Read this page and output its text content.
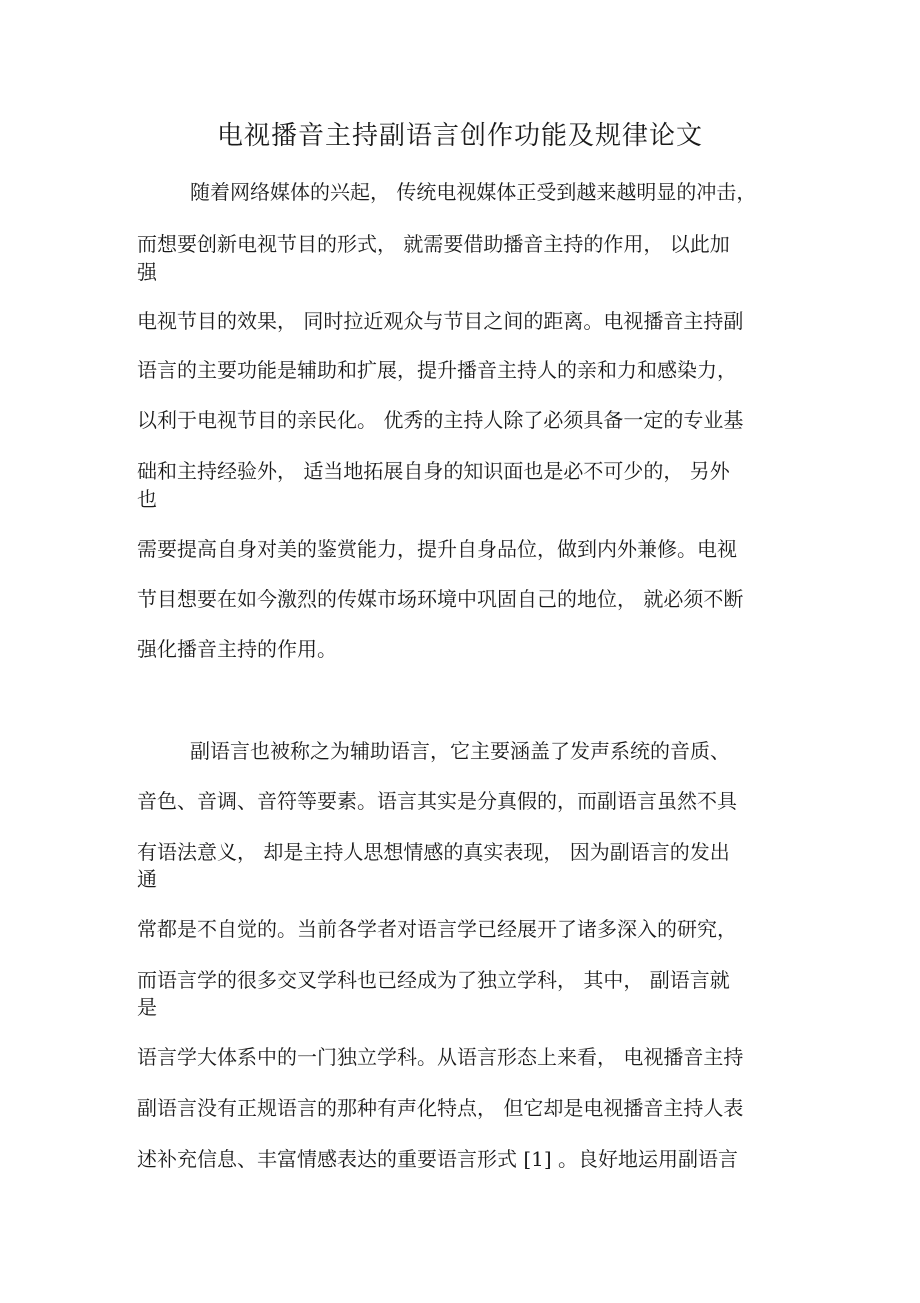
电视播音主持副语言创作功能及规律论文
随着网络媒体的兴起， 传统电视媒体正受到越来越明显的冲击，
而想要创新电视节目的形式， 就需要借助播音主持的作用， 以此加
强
电视节目的效果， 同时拉近观众与节目之间的距离。电视播音主持副
语言的主要功能是辅助和扩展，提升播音主持人的亲和力和感染力，
以利于电视节目的亲民化。 优秀的主持人除了必须具备一定的专业基
础和主持经验外， 适当地拓展自身的知识面也是必不可少的， 另外
也
需要提高自身对美的鉴赏能力，提升自身品位，做到内外兼修。电视
节目想要在如今激烈的传媒市场环境中巩固自己的地位， 就必须不断
强化播音主持的作用。
副语言也被称之为辅助语言，它主要涵盖了发声系统的音质、
音色、音调、音符等要素。语言其实是分真假的，而副语言虽然不具
有语法意义， 却是主持人思想情感的真实表现， 因为副语言的发出
通
常都是不自觉的。当前各学者对语言学已经展开了诸多深入的研究，
而语言学的很多交叉学科也已经成为了独立学科， 其中， 副语言就
是
语言学大体系中的一门独立学科。从语言形态上来看， 电视播音主持
副语言没有正规语言的那种有声化特点， 但它却是电视播音主持人表
述补充信息、丰富情感表达的重要语言形式 [1] 。良好地运用副语言
